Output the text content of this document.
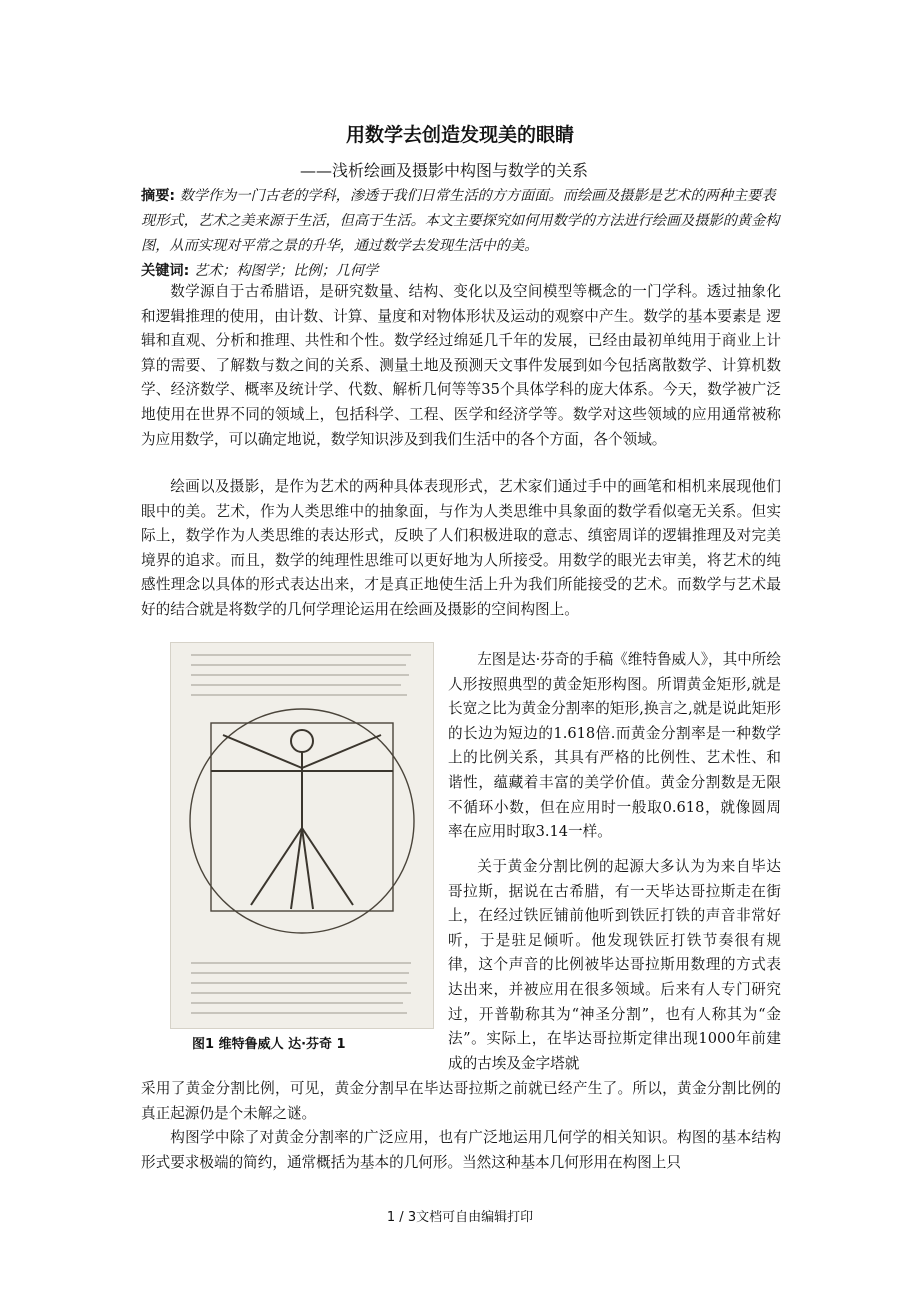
用数学去创造发现美的眼睛
——浅析绘画及摄影中构图与数学的关系
摘要: 数学作为一门古老的学科，渗透于我们日常生活的方方面面。而绘画及摄影是艺术的两种主要表现形式，艺术之美来源于生活，但高于生活。本文主要探究如何用数学的方法进行绘画及摄影的黄金构图，从而实现对平常之景的升华，通过数学去发现生活中的美。
关键词: 艺术；构图学；比例；几何学

数学源自于古希腊语，是研究数量、结构、变化以及空间模型等概念的一门学科。透过抽象化和逻辑推理的使用，由计数、计算、量度和对物体形状及运动的观察中产生。数学的基本要素是 逻辑和直观、分析和推理、共性和个性。数学经过绵延几千年的发展，已经由最初单纯用于商业上计算的需要、了解数与数之间的关系、测量土地及预测天文事件发展到如今包括离散数学、计算机数学、经济数学、概率及统计学、代数、解析几何等等35个具体学科的庞大体系。今天，数学被广泛地使用在世界不同的领域上，包括科学、工程、医学和经济学等。数学对这些领域的应用通常被称为应用数学，可以确定地说，数学知识涉及到我们生活中的各个方面，各个领域。

绘画以及摄影，是作为艺术的两种具体表现形式，艺术家们通过手中的画笔和相机来展现他们眼中的美。艺术，作为人类思维中的抽象面，与作为人类思维中具象面的数学看似毫无关系。但实际上，数学作为人类思维的表达形式，反映了人们积极进取的意志、缜密周详的逻辑推理及对完美境界的追求。而且，数学的纯理性思维可以更好地为人所接受。用数学的眼光去审美，将艺术的纯感性理念以具体的形式表达出来，才是真正地使生活上升为我们所能接受的艺术。而数学与艺术最好的结合就是将数学的几何学理论运用在绘画及摄影的空间构图上。

图1 维特鲁威人 达·芬奇 1

左图是达·芬奇的手稿《维特鲁威人》，其中所绘人形按照典型的黄金矩形构图。所谓黄金矩形,就是长宽之比为黄金分割率的矩形,换言之,就是说此矩形的长边为短边的1.618倍.而黄金分割率是一种数学上的比例关系，其具有严格的比例性、艺术性、和谐性，蕴藏着丰富的美学价值。黄金分割数是无限不循环小数，但在应用时一般取0.618，就像圆周率在应用时取3.14一样。

关于黄金分割比例的起源大多认为为来自毕达哥拉斯，据说在古希腊，有一天毕达哥拉斯走在街上，在经过铁匠铺前他听到铁匠打铁的声音非常好听，于是驻足倾听。他发现铁匠打铁节奏很有规律，这个声音的比例被毕达哥拉斯用数理的方式表达出来，并被应用在很多领域。后来有人专门研究过，开普勒称其为“神圣分割”，也有人称其为“金法”。实际上，在毕达哥拉斯定律出现1000年前建成的古埃及金字塔就

采用了黄金分割比例，可见，黄金分割早在毕达哥拉斯之前就已经产生了。所以，黄金分割比例的真正起源仍是个未解之谜。

构图学中除了对黄金分割率的广泛应用，也有广泛地运用几何学的相关知识。构图的基本结构形式要求极端的简约，通常概括为基本的几何形。当然这种基本几何形用在构图上只

1 / 3文档可自由编辑打印
